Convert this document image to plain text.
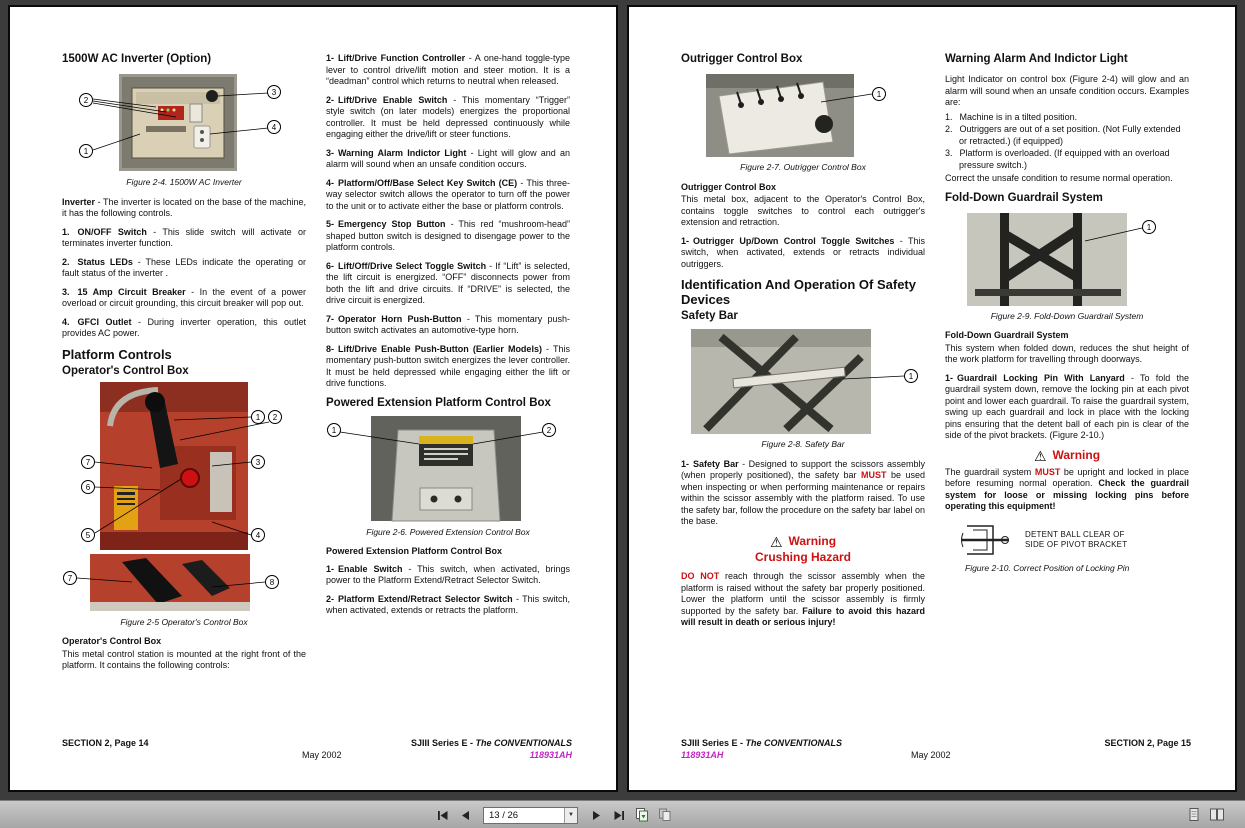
1500W AC Inverter (Option)
2
3
1
4
Figure 2-4. 1500W AC Inverter

Inverter - The inverter is located on the base of the machine, it has the following controls.

1. ON/OFF Switch - This slide switch will activate or terminates inverter function.

2. Status LEDs - These LEDs indicate the operating or fault status of the inverter .

3. 15 Amp Circuit Breaker - In the event of a power overload or circuit grounding, this circuit breaker will pop out.

4. GFCI Outlet - During inverter operation, this outlet provides AC power.

Platform Controls
Operator's Control Box
1 2
3
4
5
6
7
7	8
Figure 2-5 Operator's Control Box
Operator's Control Box

This metal control station is mounted at the right front of the platform. It contains the following controls:

1- Lift/Drive Function Controller - A one-hand toggle-type lever to control drive/lift motion and steer motion. It is a “deadman” control which returns to neutral when released.

2- Lift/Drive Enable Switch - This momentary “Trigger” style switch (on later models) energizes the proportional controller. It must be held depressed continuously while engaging either the drive/lift or steer functions.

3- Warning Alarm Indictor Light - Light will glow and an alarm will sound when an unsafe condition occurs.

4- Platform/Off/Base Select Key Switch (CE) - This three-way selector switch allows the operator to turn off the power to the unit or to activate either the base or platform controls.

5- Emergency Stop Button - This red “mushroom-head” shaped button switch is designed to disengage power to the platform controls.

6- Lift/Off/Drive Select Toggle Switch - If “Lift” is selected, the lift circuit is energized. “OFF” disconnects power from both the lift and drive circuits. If “DRIVE” is selected, the drive circuit is energized.

7- Operator Horn Push-Button - This momentary push-button switch activates an automotive-type horn.

8- Lift/Drive Enable Push-Button (Earlier Models) - This momentary push-button switch energizes the lever controller. It must be held depressed while engaging either the lift or drive functions.

Powered Extension Platform Control Box
1	2
Figure 2-6. Powered Extension Control Box
Powered Extension Platform Control Box

1- Enable Switch - This switch, when activated, brings power to the Platform Extend/Retract Selector Switch.

2- Platform Extend/Retract Selector Switch - This switch, when activated, extends or retracts the platform.

SECTION 2, Page 14
May 2002
SJIII Series E - The CONVENTIONALS
118931AH
Outrigger Control Box
1
Figure 2-7. Outrigger Control Box
Outrigger Control Box

This metal box, adjacent to the Operator's Control Box, contains toggle switches to control each outrigger's extension and retraction.

1- Outrigger Up/Down Control Toggle Switches - This switch, when activated, extends or retracts individual outriggers.

Identification And Operation Of Safety Devices
Safety Bar
1
Figure 2-8. Safety Bar

1- Safety Bar - Designed to support the scissors assembly (when properly positioned), the safety bar MUST be used when inspecting or when performing maintenance or repairs within the scissor assembly with the platform raised. To use the safety bar, follow the procedure on the safety bar label on the base.

⚠ Warning
Crushing Hazard

DO NOT reach through the scissor assembly when the platform is raised without the safety bar properly positioned. Lower the platform until the scissor assembly is firmly supported by the safety bar. Failure to avoid this hazard will result in death or serious injury!

Warning Alarm And Indictor Light

Light Indicator on control box (Figure 2-4) will glow and an alarm will sound when an unsafe condition occurs. Examples are:

1. Machine is in a tilted position.

2. Outriggers are out of a set position. (Not Fully extended or retracted.) (if equipped)

3. Platform is overloaded. (If equipped with an overload pressure switch.)

Correct the unsafe condition to resume normal operation.

Fold-Down Guardrail System
1
Figure 2-9. Fold-Down Guardrail System
Fold-Down Guardrail System

This system when folded down, reduces the shut height of the work platform for travelling through doorways.

1- Guardrail Locking Pin With Lanyard - To fold the guardrail system down, remove the locking pin at each pivot point and lower each guardrail. To raise the guardrail system, swing up each guardrail and lock in place with the locking pins ensuring that the detent ball of each pin is clear of the side of the pivot brackets. (Figure 2-10.)

⚠ Warning

The guardrail system MUST be upright and locked in place before resuming normal operation. Check the guardrail system for loose or missing locking pins before operating this equipment!

DETENT BALL CLEAR OF
SIDE OF PIVOT BRACKET
Figure 2-10. Correct Position of Locking Pin
SJIII Series E - The CONVENTIONALS
118931AH	May 2002
SECTION 2, Page 15
13 / 26
▼
